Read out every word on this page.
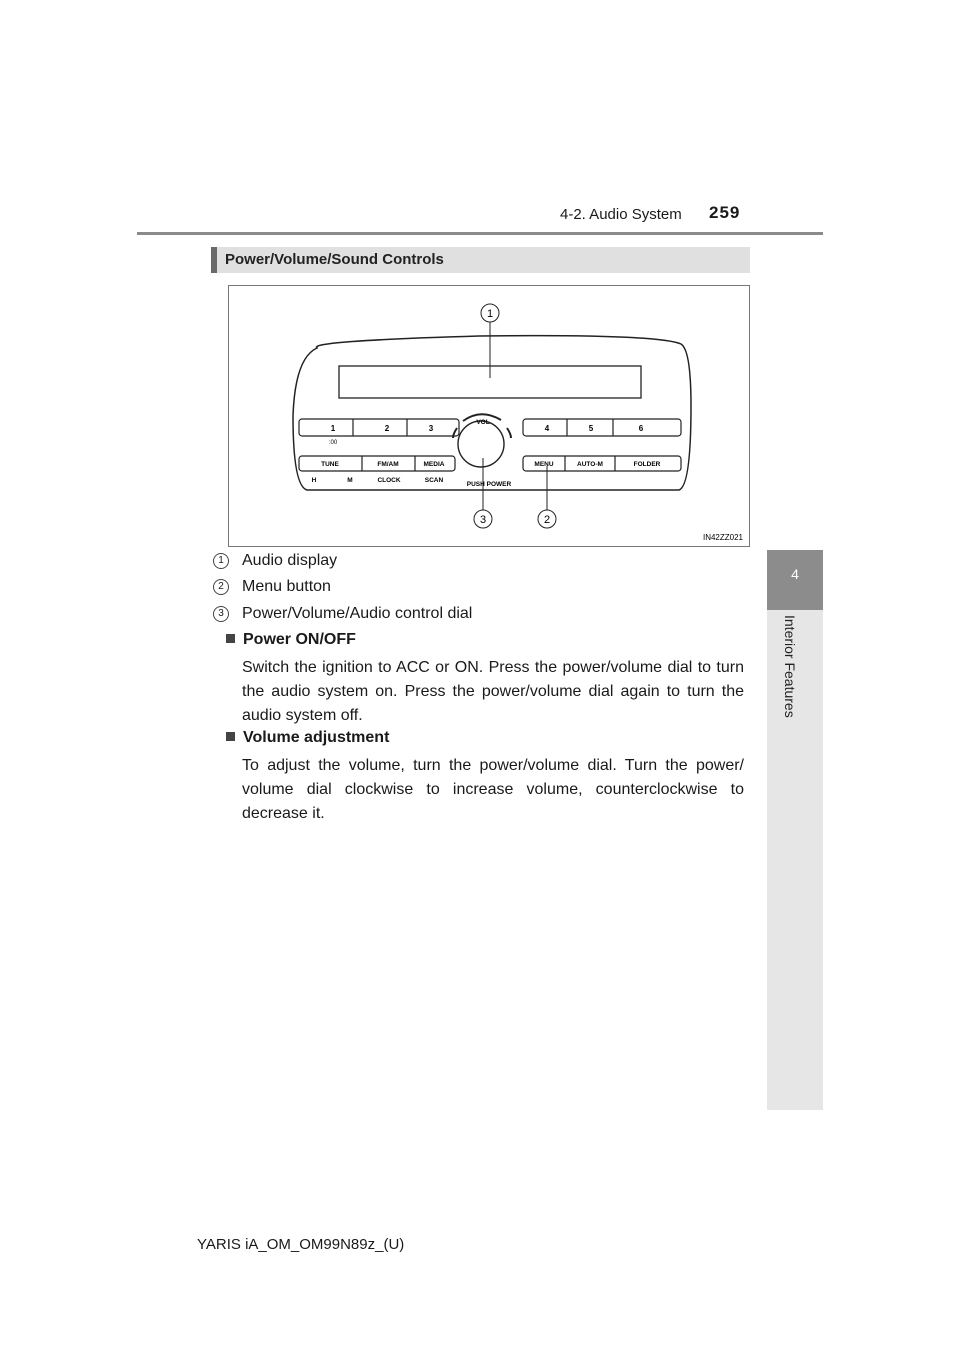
4-2. Audio System 259
4
Interior Features
Power/Volume/Sound Controls
1	2	3
:00
4	5	6
TUNE	FM/AM	MEDIA
H	M	CLOCK	SCAN
MENU	AUTO-M	FOLDER
VOL
PUSH POWER
1
2
3
IN42ZZ021
1	Audio display
2	Menu button
3	Power/Volume/Audio control dial
Power ON/OFF
Switch the ignition to ACC or ON. Press the power/volume dial to turn the audio system on. Press the power/volume dial again to turn the audio system off.
Volume adjustment
To adjust the volume, turn the power/volume dial. Turn the power/ volume dial clockwise to increase volume, counterclockwise to decrease it.
YARIS iA_OM_OM99N89z_(U)
